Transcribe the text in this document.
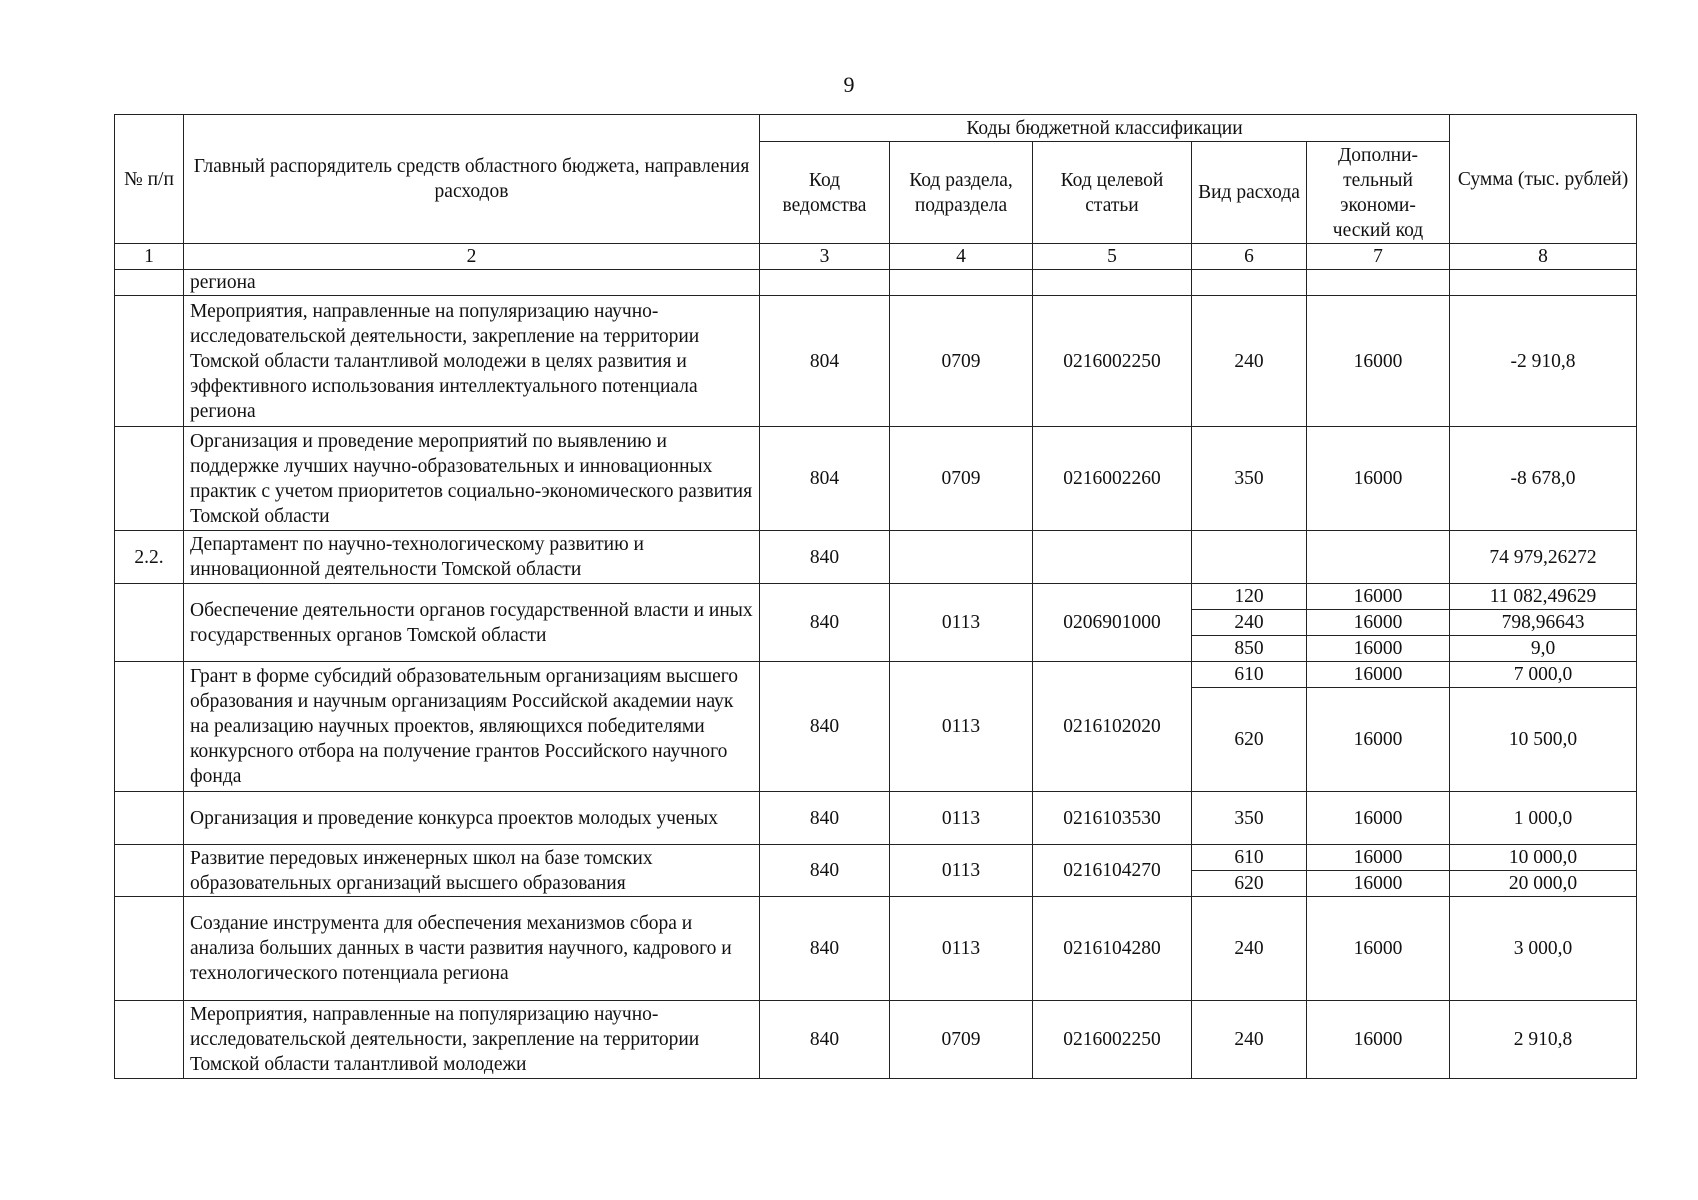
9
№ п/п	Главный распорядитель средств областного бюджета, направления расходов	Коды бюджетной классификации					Сумма (тыс. рублей)
		Код ведомства	Код раздела, подраздела	Код целевой статьи	Вид расхода	Дополни-тельный экономи-ческий код	
1	2	3	4	5	6	7	8
	региона						
	Мероприятия, направленные на популяризацию научно-исследовательской деятельности, закрепление на территории Томской области талантливой молодежи в целях развития и эффективного использования интеллектуального потенциала региона	804	0709	0216002250	240	16000	-2 910,8
	Организация и проведение мероприятий по выявлению и поддержке лучших научно-образовательных и инновационных практик с учетом приоритетов социально-экономического развития Томской области	804	0709	0216002260	350	16000	-8 678,0
2.2.	Департамент по научно-технологическому развитию и инновационной деятельности Томской области	840					74 979,26272
	Обеспечение деятельности органов государственной власти и иных государственных органов Томской области	840	0113	0206901000	120	16000	11 082,49629
					240	16000	798,96643
					850	16000	9,0
	Грант в форме субсидий образовательным организациям высшего образования и научным организациям Российской академии наук на реализацию научных проектов, являющихся победителями конкурсного отбора на получение грантов Российского научного фонда	840	0113	0216102020	610	16000	7 000,0
					620	16000	10 500,0
	Организация и проведение конкурса проектов молодых ученых	840	0113	0216103530	350	16000	1 000,0
	Развитие передовых инженерных школ на базе томских образовательных организаций высшего образования	840	0113	0216104270	610	16000	10 000,0
					620	16000	20 000,0
	Создание инструмента для обеспечения механизмов сбора и анализа больших данных в части развития научного, кадрового и технологического потенциала региона	840	0113	0216104280	240	16000	3 000,0
	Мероприятия, направленные на популяризацию научно-исследовательской деятельности, закрепление на территории Томской области талантливой молодежи	840	0709	0216002250	240	16000	2 910,8
